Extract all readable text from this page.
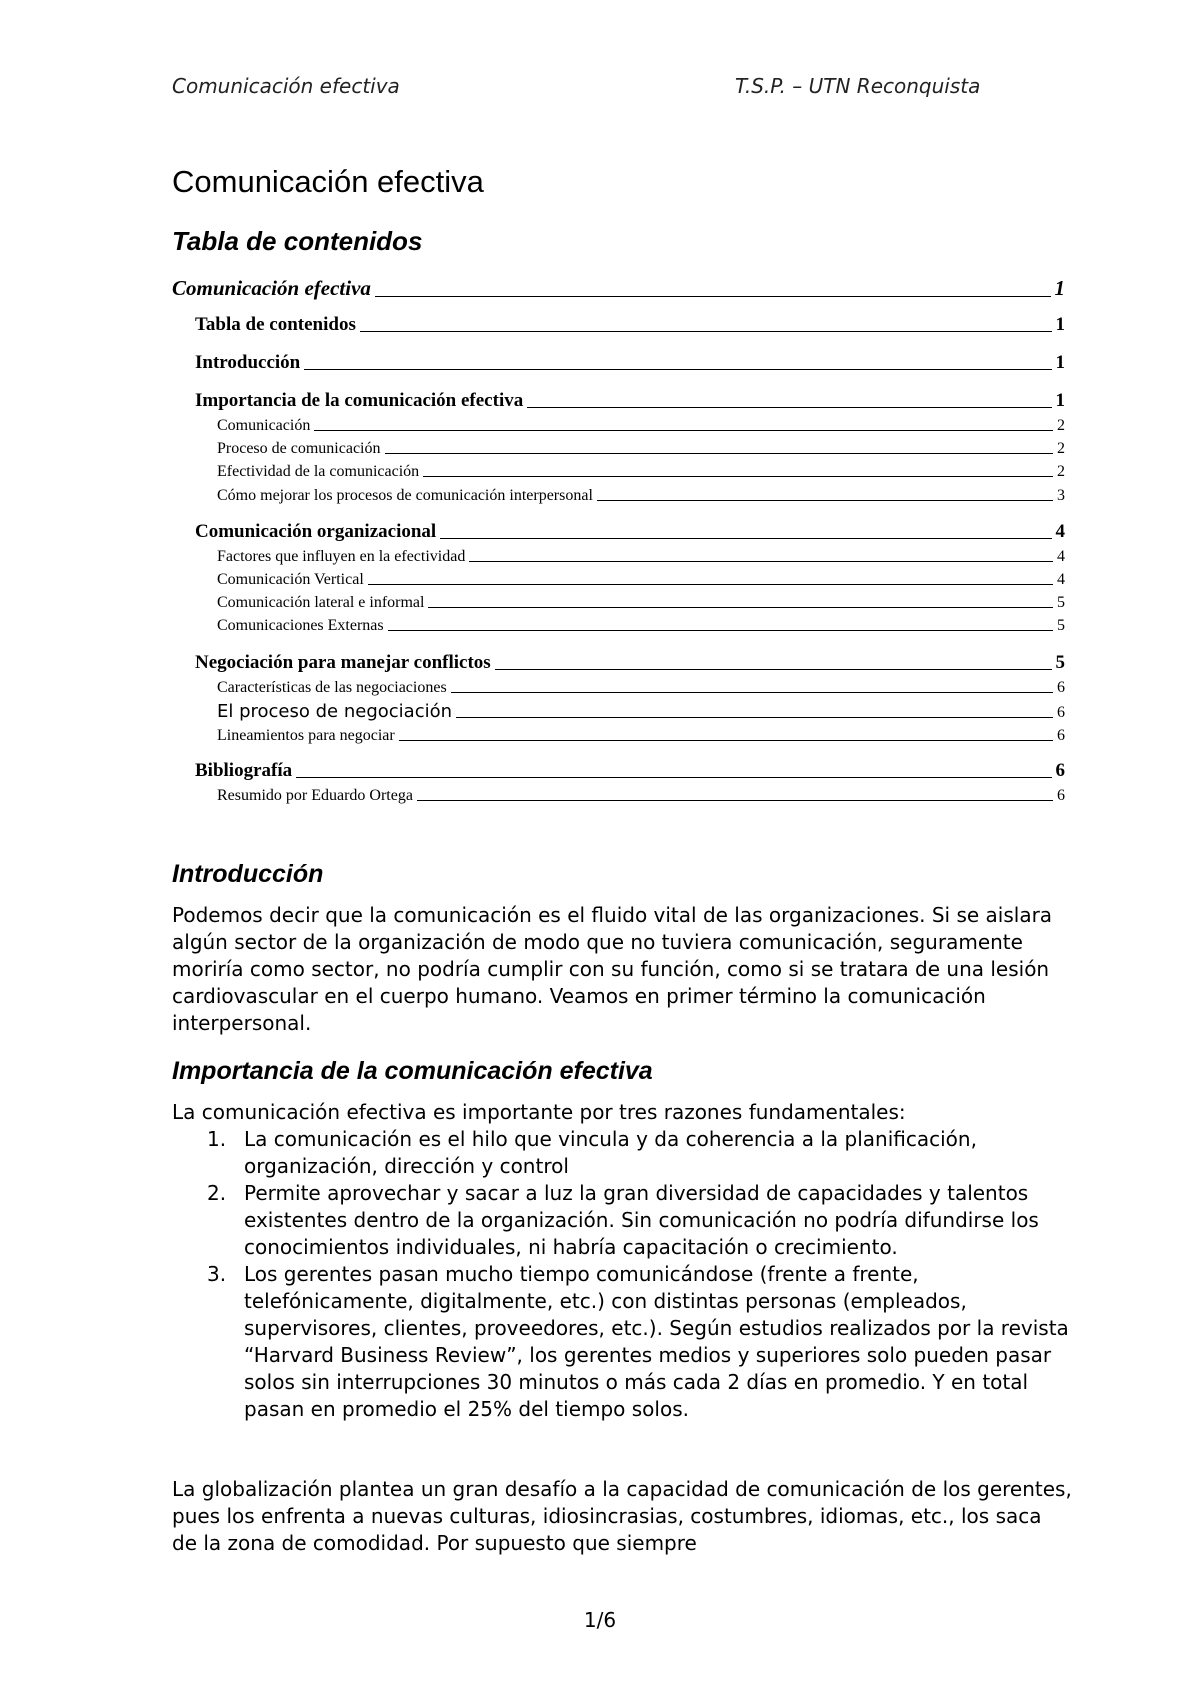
Comunicación efectiva	T.S.P. – UTN Reconquista
Comunicación efectiva
Tabla de contenidos
Comunicación efectiva	1
Tabla de contenidos	1
Introducción	1
Importancia de la comunicación efectiva	1
Comunicación	2
Proceso de comunicación	2
Efectividad de la comunicación	2
Cómo mejorar los procesos de comunicación interpersonal	3
Comunicación organizacional	4
Factores que influyen en la efectividad	4
Comunicación Vertical	4
Comunicación lateral e informal	5
Comunicaciones Externas	5
Negociación para manejar conflictos	5
Características de las negociaciones	6
El proceso de negociación	6
Lineamientos para negociar	6
Bibliografía	6
Resumido por Eduardo Ortega	6
Introducción

Podemos decir que la comunicación es el fluido vital de las organizaciones. Si se aislara algún sector de la organización de modo que no tuviera comunicación, seguramente moriría como sector, no podría cumplir con su función, como si se tratara de una lesión cardiovascular en el cuerpo humano. Veamos en primer término la comunicación interpersonal.

Importancia de la comunicación efectiva

La comunicación efectiva es importante por tres razones fundamentales:

1. La comunicación es el hilo que vincula y da coherencia a la planificación, organización, dirección y control
2. Permite aprovechar y sacar a luz la gran diversidad de capacidades y talentos existentes dentro de la organización. Sin comunicación no podría difundirse los conocimientos individuales, ni habría capacitación o crecimiento.
3. Los gerentes pasan mucho tiempo comunicándose (frente a frente, telefónicamente, digitalmente, etc.) con distintas personas (empleados, supervisores, clientes, proveedores, etc.). Según estudios realizados por la revista “Harvard Business Review”, los gerentes medios y superiores solo pueden pasar solos sin interrupciones 30 minutos o más cada 2 días en promedio. Y en total pasan en promedio el 25% del tiempo solos.

La globalización plantea un gran desafío a la capacidad de comunicación de los gerentes, pues los enfrenta a nuevas culturas, idiosincrasias, costumbres, idiomas, etc., los saca de la zona de comodidad. Por supuesto que siempre

1/6
